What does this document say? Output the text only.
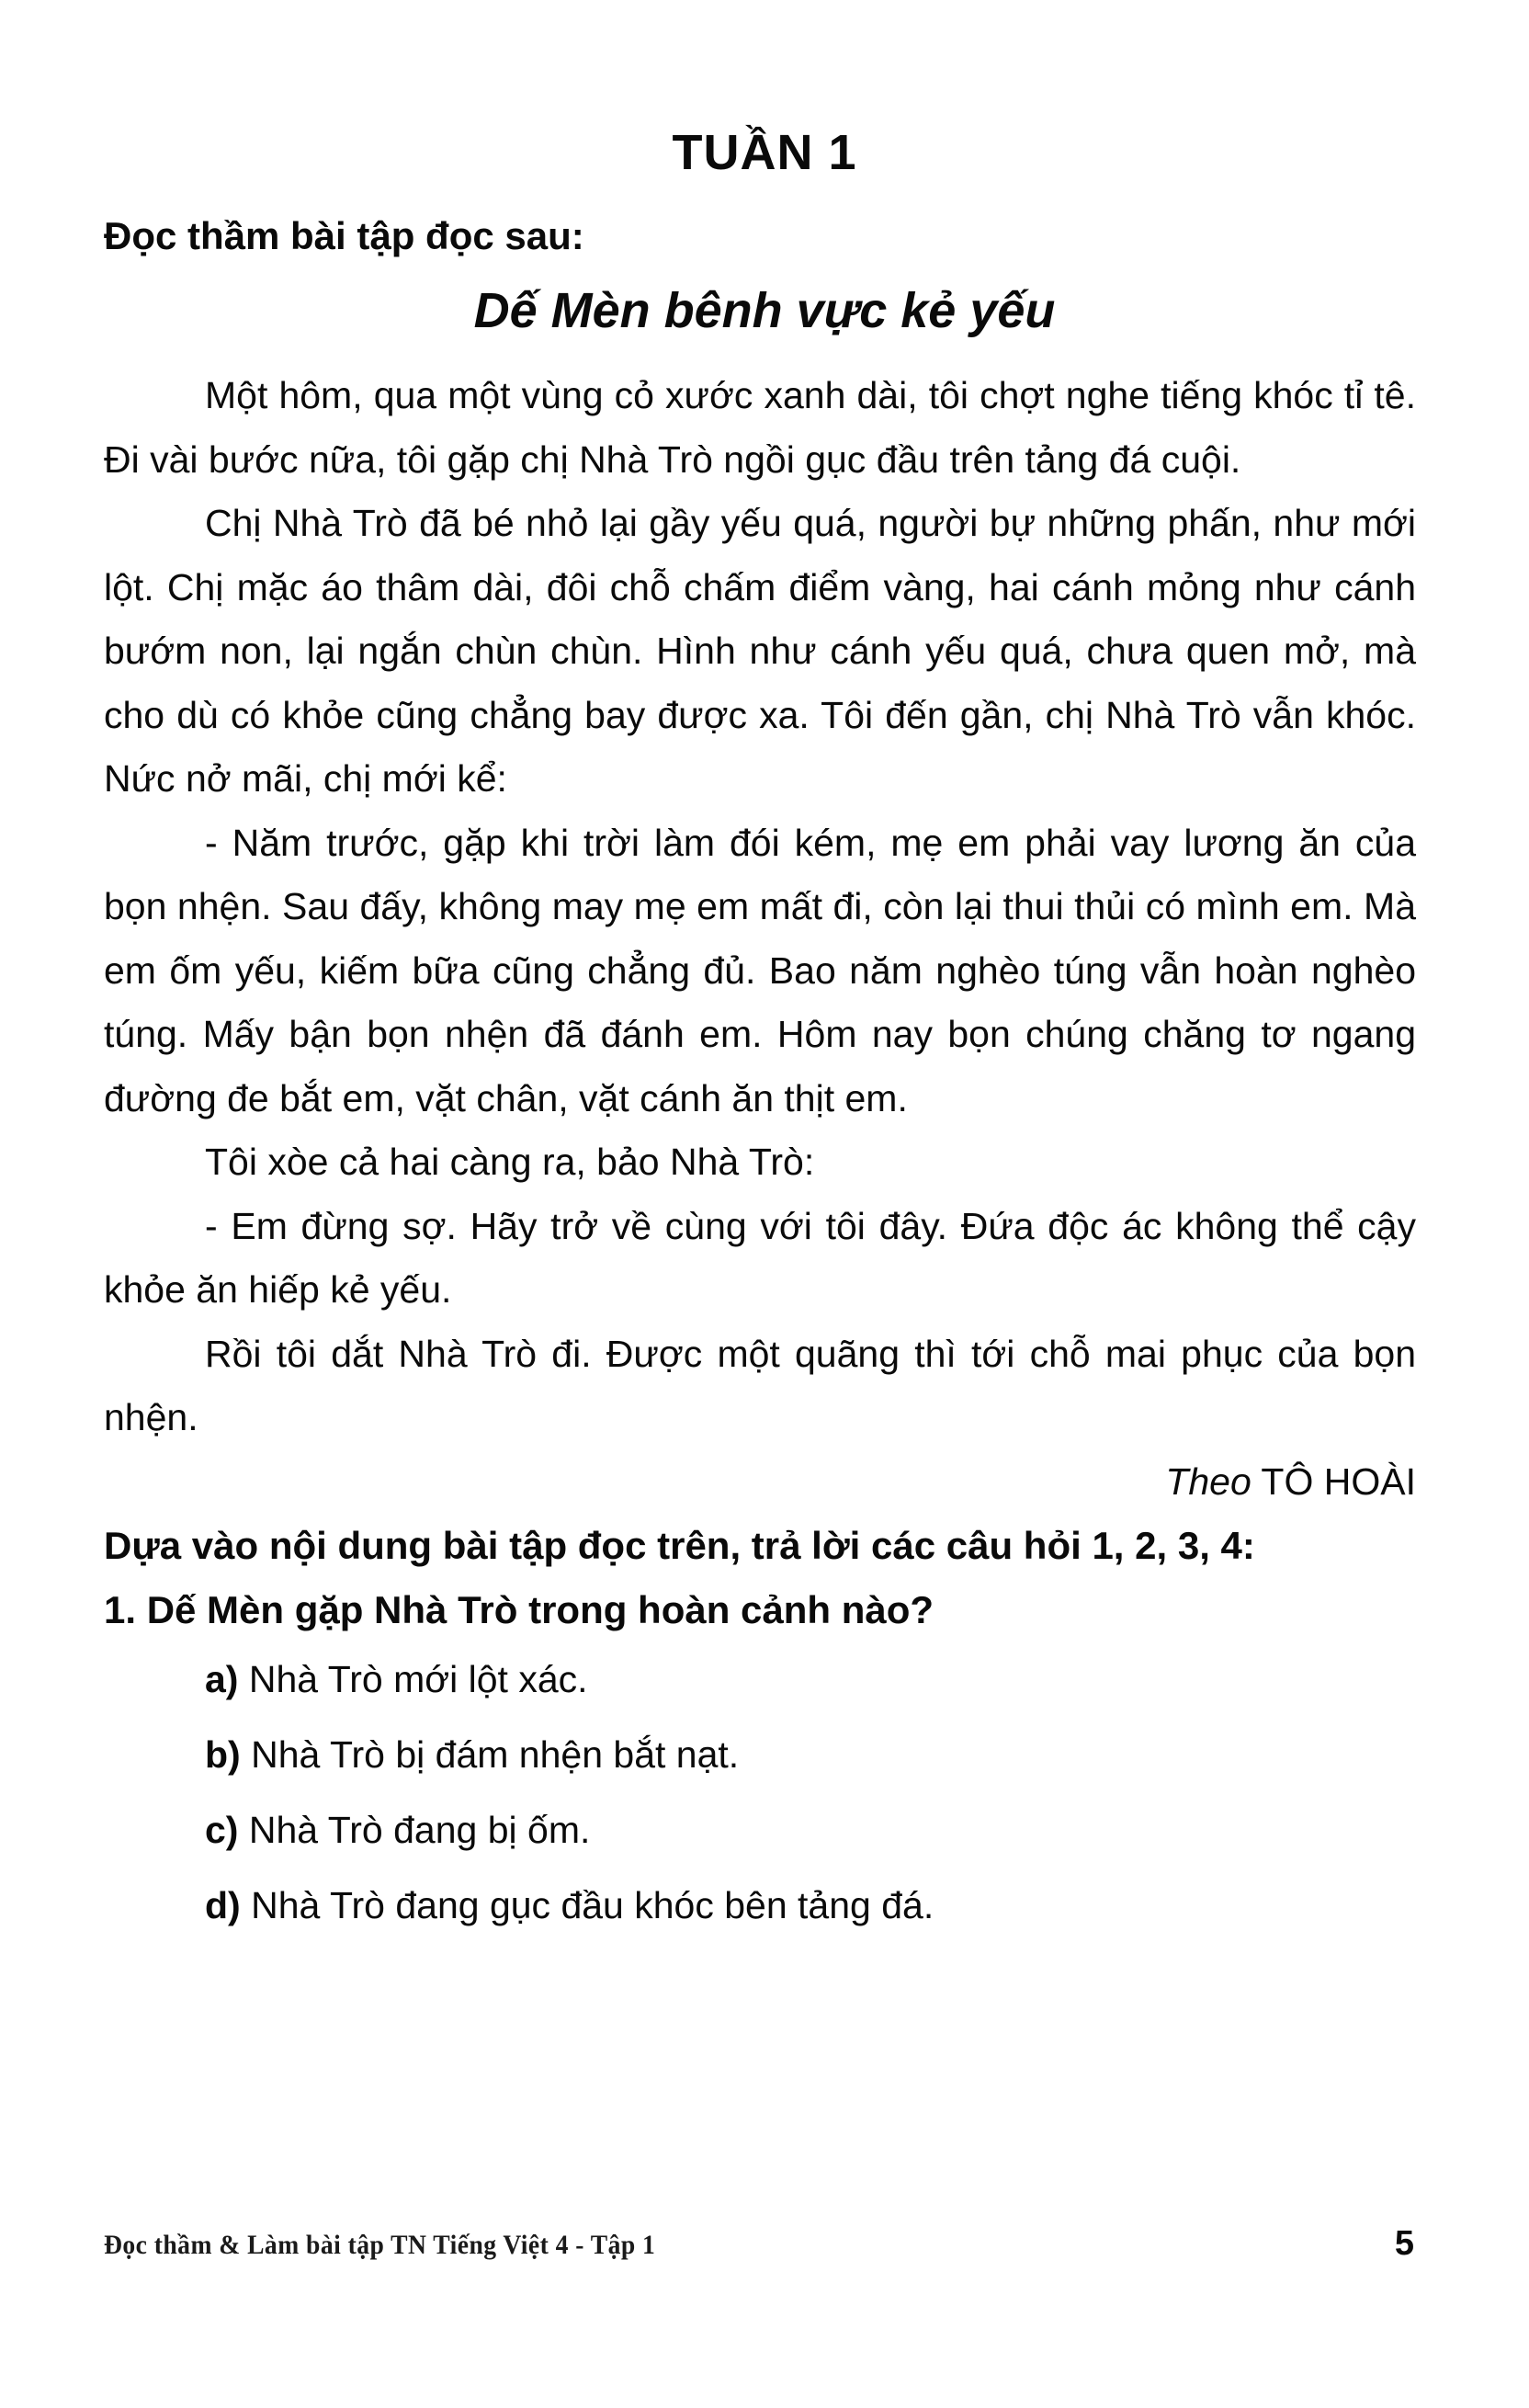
TUẦN 1
Đọc thầm bài tập đọc sau:
Dế Mèn bênh vực kẻ yếu

Một hôm, qua một vùng cỏ xước xanh dài, tôi chợt nghe tiếng khóc tỉ tê. Đi vài bước nữa, tôi gặp chị Nhà Trò ngồi gục đầu trên tảng đá cuội.

Chị Nhà Trò đã bé nhỏ lại gầy yếu quá, người bự những phấn, như mới lột. Chị mặc áo thâm dài, đôi chỗ chấm điểm vàng, hai cánh mỏng như cánh bướm non, lại ngắn chùn chùn. Hình như cánh yếu quá, chưa quen mở, mà cho dù có khỏe cũng chẳng bay được xa. Tôi đến gần, chị Nhà Trò vẫn khóc. Nức nở mãi, chị mới kể:

- Năm trước, gặp khi trời làm đói kém, mẹ em phải vay lương ăn của bọn nhện. Sau đấy, không may mẹ em mất đi, còn lại thui thủi có mình em. Mà em ốm yếu, kiếm bữa cũng chẳng đủ. Bao năm nghèo túng vẫn hoàn nghèo túng. Mấy bận bọn nhện đã đánh em. Hôm nay bọn chúng chăng tơ ngang đường đe bắt em, vặt chân, vặt cánh ăn thịt em.

Tôi xòe cả hai càng ra, bảo Nhà Trò:

- Em đừng sợ. Hãy trở về cùng với tôi đây. Đứa độc ác không thể cậy khỏe ăn hiếp kẻ yếu.

Rồi tôi dắt Nhà Trò đi. Được một quãng thì tới chỗ mai phục của bọn nhện.

Theo TÔ HOÀI

Dựa vào nội dung bài tập đọc trên, trả lời các câu hỏi 1, 2, 3, 4:

1. Dế Mèn gặp Nhà Trò trong hoàn cảnh nào?

a) Nhà Trò mới lột xác.
b) Nhà Trò bị đám nhện bắt nạt.
c) Nhà Trò đang bị ốm.
d) Nhà Trò đang gục đầu khóc bên tảng đá.
Đọc thầm & Làm bài tập TN Tiếng Việt 4 - Tập 1	5
